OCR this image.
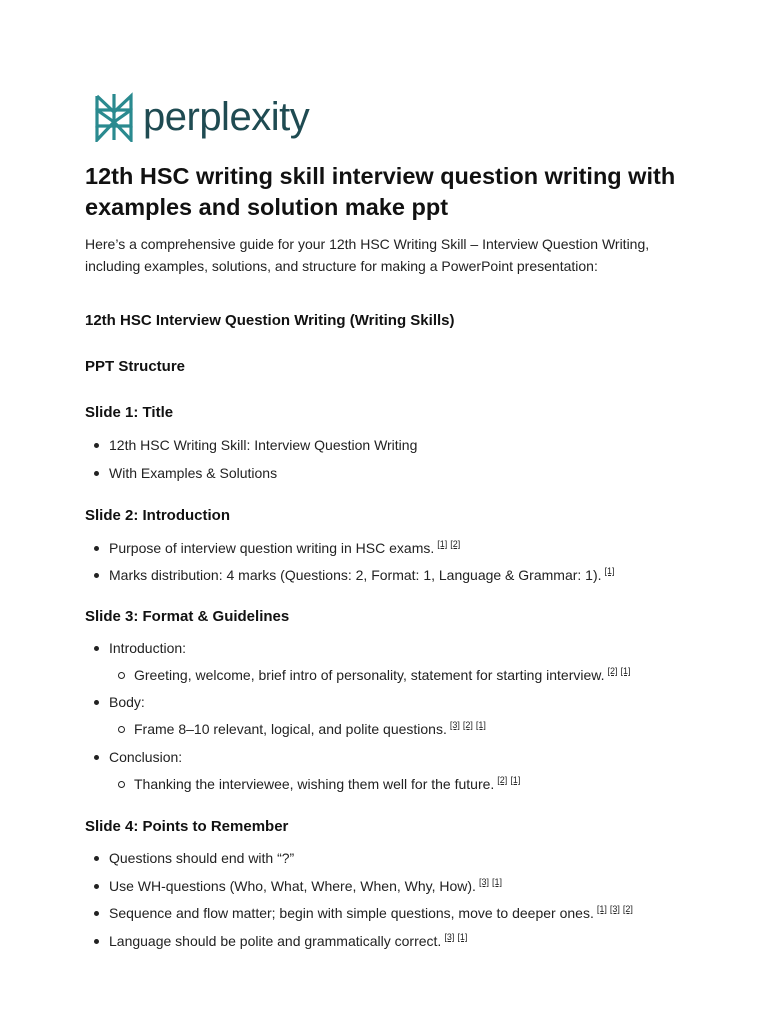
perplexity
12th HSC writing skill interview question writing with examples and solution make ppt

Here’s a comprehensive guide for your 12th HSC Writing Skill – Interview Question Writing, including examples, solutions, and structure for making a PowerPoint presentation:

12th HSC Interview Question Writing (Writing Skills)
PPT Structure
Slide 1: Title

12th HSC Writing Skill: Interview Question Writing

With Examples & Solutions

Slide 2: Introduction

Purpose of interview question writing in HSC exams. [1] [2]

Marks distribution: 4 marks (Questions: 2, Format: 1, Language & Grammar: 1). [1]

Slide 3: Format & Guidelines

Introduction:

Greeting, welcome, brief intro of personality, statement for starting interview. [2] [1]

Body:

Frame 8–10 relevant, logical, and polite questions. [3] [2] [1]

Conclusion:

Thanking the interviewee, wishing them well for the future. [2] [1]

Slide 4: Points to Remember

Questions should end with “?”

Use WH-questions (Who, What, Where, When, Why, How). [3] [1]

Sequence and flow matter; begin with simple questions, move to deeper ones. [1] [3] [2]

Language should be polite and grammatically correct. [3] [1]
